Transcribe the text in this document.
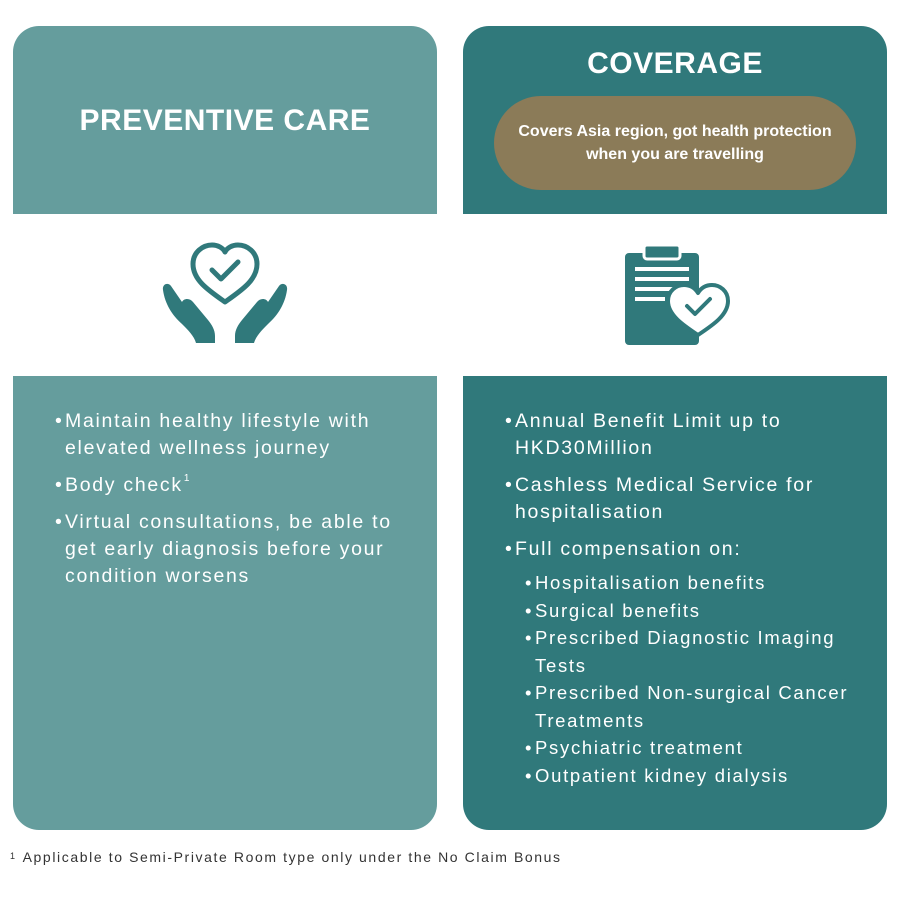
PREVENTIVE CARE
• Maintain healthy lifestyle with elevated wellness journey
• Body check$^1$
• Virtual consultations, be able to get early diagnosis before your condition worsens
COVERAGE
Covers Asia region, got health protection when you are travelling
• Annual Benefit Limit up to HKD30Million
• Cashless Medical Service for hospitalisation
• Full compensation on:
• Hospitalisation benefits
• Surgical benefits
• Prescribed Diagnostic Imaging Tests
• Prescribed Non-surgical Cancer Treatments
• Psychiatric treatment
• Outpatient kidney dialysis
$^1$ Applicable to Semi-Private Room type only under the No Claim Bonus
